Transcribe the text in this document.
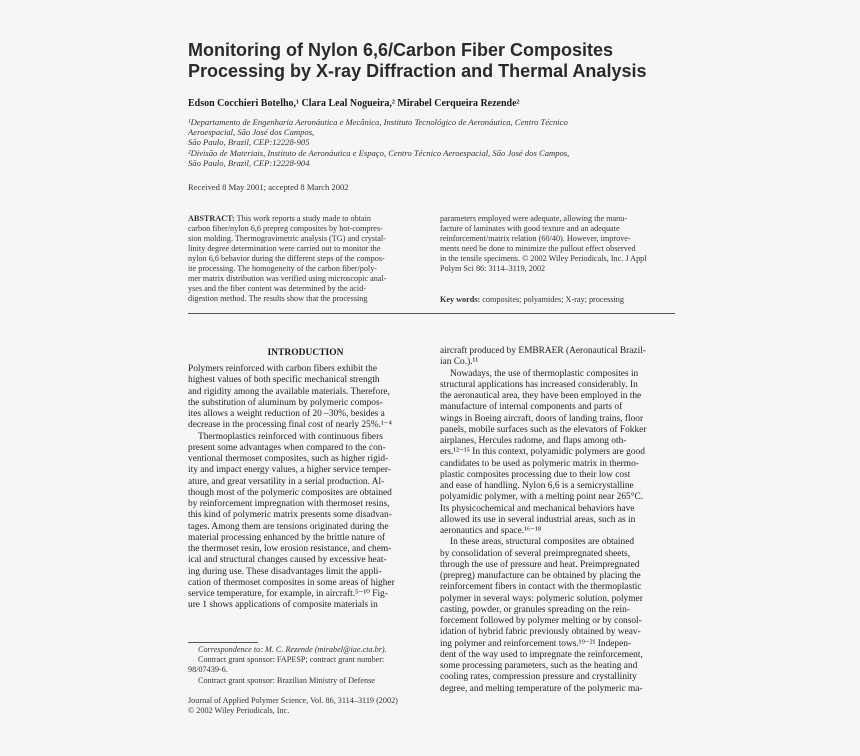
Monitoring of Nylon 6,6/Carbon Fiber Composites
Processing by X-ray Diffraction and Thermal Analysis
Edson Cocchieri Botelho,¹ Clara Leal Nogueira,² Mirabel Cerqueira Rezende²
¹Departamento de Engenharia Aeronáutica e Mecânica, Instituto Tecnológico de Aeronáutica, Centro Técnico
Aeroespacial, São José dos Campos,
São Paulo, Brazil, CEP:12228-905
²Divisão de Materiais, Instituto de Aeronáutica e Espaço, Centro Técnico Aeroespacial, São José dos Campos,
São Paulo, Brazil, CEP:12228-904
Received 8 May 2001; accepted 8 March 2002
ABSTRACT: This work reports a study made to obtain
carbon fiber/nylon 6,6 prepreg composites by hot-compres-
sion molding. Thermogravimetric analysis (TG) and crystal-
linity degree determination were carried out to monitor the
nylon 6,6 behavior during the different steps of the compos-
ite processing. The homogeneity of the carbon fiber/poly-
mer matrix distribution was verified using microscopic anal-
yses and the fiber content was determined by the acid-
digestion method. The results show that the processing
parameters employed were adequate, allowing the manu-
facture of laminates with good texture and an adequate
reinforcement/matrix relation (60/40). However, improve-
ments need be done to minimize the pullout effect observed
in the tensile specimens. © 2002 Wiley Periodicals, Inc. J Appl
Polym Sci 86: 3114–3119, 2002
Key words: composites; polyamides; X-ray; processing
INTRODUCTION
Polymers reinforced with carbon fibers exhibit the
highest values of both specific mechanical strength
and rigidity among the available materials. Therefore,
the substitution of aluminum by polymeric compos-
ites allows a weight reduction of 20 –30%, besides a
decrease in the processing final cost of nearly 25%.¹⁻⁴
Thermoplastics reinforced with continuous fibers
present some advantages when compared to the con-
ventional thermoset composites, such as higher rigid-
ity and impact energy values, a higher service temper-
ature, and great versatility in a serial production. Al-
though most of the polymeric composites are obtained
by reinforcement impregnation with thermoset resins,
this kind of polymeric matrix presents some disadvan-
tages. Among them are tensions originated during the
material processing enhanced by the brittle nature of
the thermoset resin, low erosion resistance, and chem-
ical and structural changes caused by excessive heat-
ing during use. These disadvantages limit the appli-
cation of thermoset composites in some areas of higher
service temperature, for example, in aircraft.⁵⁻¹⁰ Fig-
ure 1 shows applications of composite materials in
aircraft produced by EMBRAER (Aeronautical Brazil-
ian Co.).¹¹
Nowadays, the use of thermoplastic composites in
structural applications has increased considerably. In
the aeronautical area, they have been employed in the
manufacture of internal components and parts of
wings in Boeing aircraft, doors of landing trains, floor
panels, mobile surfaces such as the elevators of Fokker
airplanes, Hercules radome, and flaps among oth-
ers.¹²⁻¹⁵ In this context, polyamidic polymers are good
candidates to be used as polymeric matrix in thermo-
plastic composites processing due to their low cost
and ease of handling. Nylon 6,6 is a semicrystalline
polyamidic polymer, with a melting point near 265°C.
Its physicochemical and mechanical behaviors have
allowed its use in several industrial areas, such as in
aeronautics and space.¹⁶⁻¹⁸
In these areas, structural composites are obtained
by consolidation of several preimpregnated sheets,
through the use of pressure and heat. Preimpregnated
(prepreg) manufacture can be obtained by placing the
reinforcement fibers in contact with the thermoplastic
polymer in several ways: polymeric solution, polymer
casting, powder, or granules spreading on the rein-
forcement followed by polymer melting or by consol-
idation of hybrid fabric previously obtained by weav-
ing polymer and reinforcement tows.¹⁹⁻²¹ Indepen-
dent of the way used to impregnate the reinforcement,
some processing parameters, such as the heating and
cooling rates, compression pressure and crystallinity
degree, and melting temperature of the polymeric ma-
Correspondence to: M. C. Rezende (mirabel@iae.cta.br).
Contract grant sponsor: FAPESP; contract grant number:
98/07439-6.
Contract grant sponsor: Brazilian Ministry of Defense
Journal of Applied Polymer Science, Vol. 86, 3114–3119 (2002)
© 2002 Wiley Periodicals, Inc.
